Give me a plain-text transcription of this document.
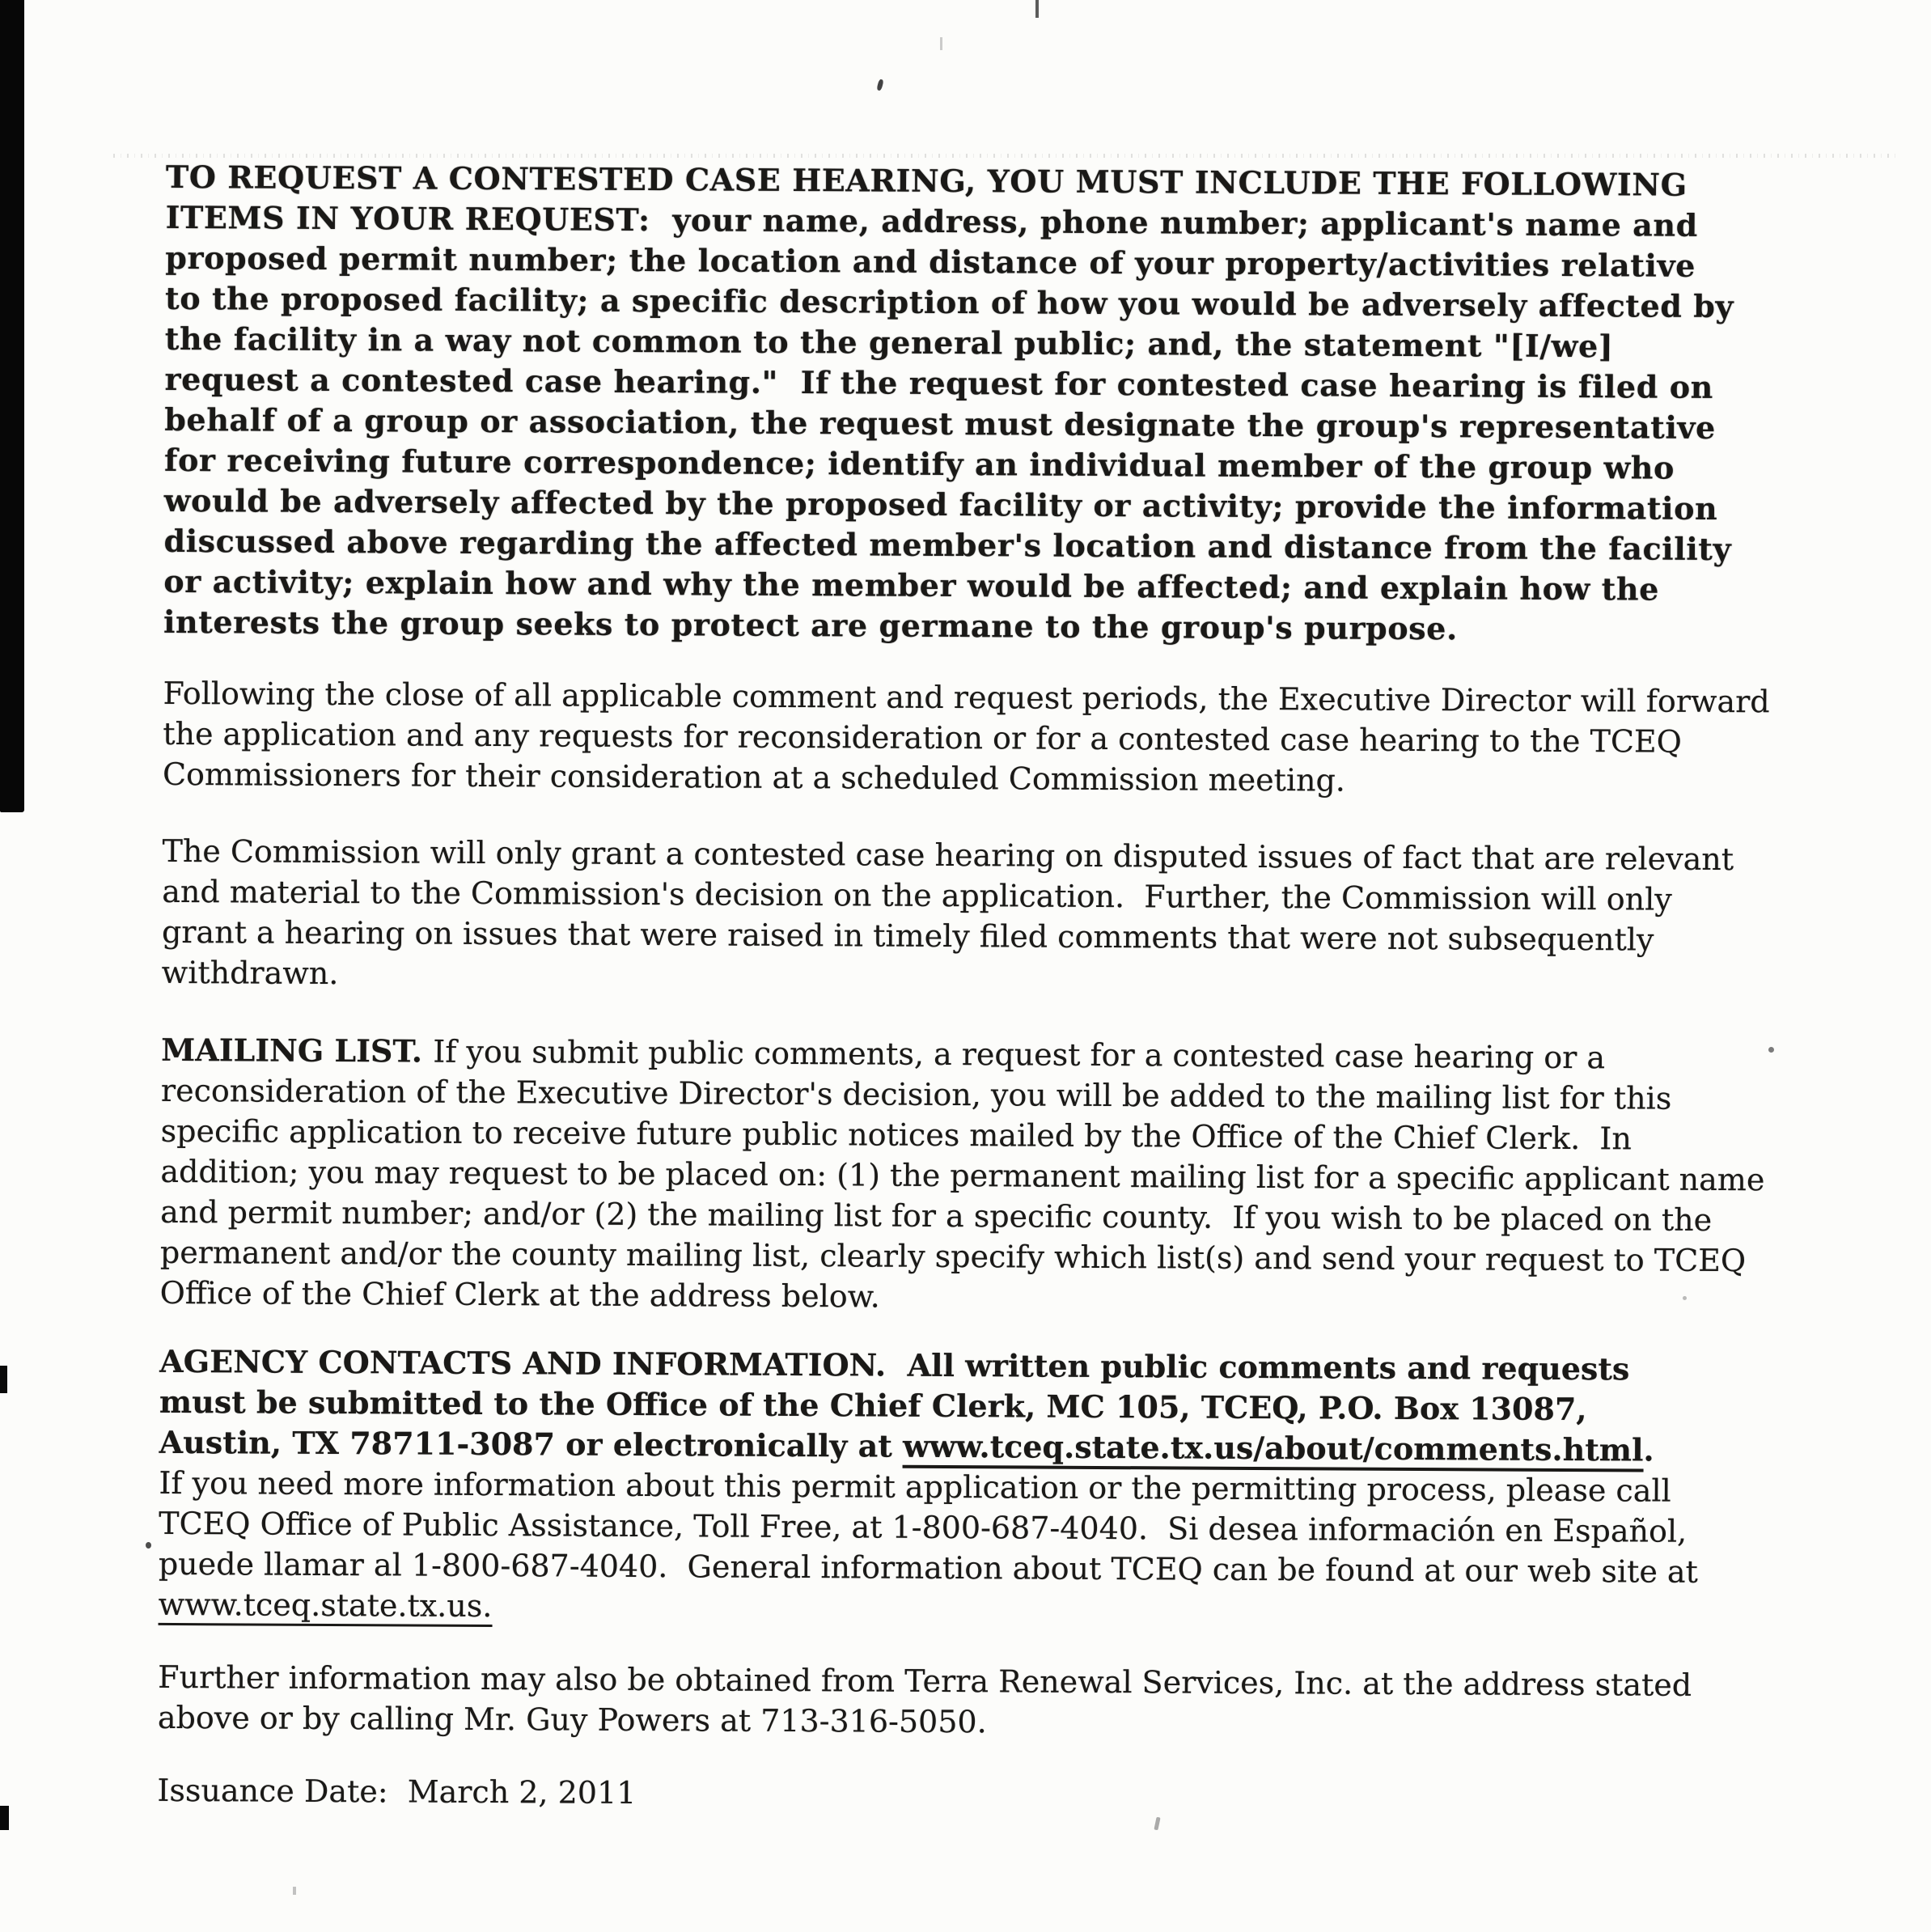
TO REQUEST A CONTESTED CASE HEARING, YOU MUST INCLUDE THE FOLLOWING
ITEMS IN YOUR REQUEST:  your name, address, phone number; applicant's name and
proposed permit number; the location and distance of your property/activities relative
to the proposed facility; a specific description of how you would be adversely affected by
the facility in a way not common to the general public; and, the statement "[I/we]
request a contested case hearing."  If the request for contested case hearing is filed on
behalf of a group or association, the request must designate the group's representative
for receiving future correspondence; identify an individual member of the group who
would be adversely affected by the proposed facility or activity; provide the information
discussed above regarding the affected member's location and distance from the facility
or activity; explain how and why the member would be affected; and explain how the
interests the group seeks to protect are germane to the group's purpose.
Following the close of all applicable comment and request periods, the Executive Director will forward
the application and any requests for reconsideration or for a contested case hearing to the TCEQ
Commissioners for their consideration at a scheduled Commission meeting.
The Commission will only grant a contested case hearing on disputed issues of fact that are relevant
and material to the Commission's decision on the application.  Further, the Commission will only
grant a hearing on issues that were raised in timely filed comments that were not subsequently
withdrawn.
MAILING LIST. If you submit public comments, a request for a contested case hearing or a
reconsideration of the Executive Director's decision, you will be added to the mailing list for this
specific application to receive future public notices mailed by the Office of the Chief Clerk.  In
addition; you may request to be placed on: (1) the permanent mailing list for a specific applicant name
and permit number; and/or (2) the mailing list for a specific county.  If you wish to be placed on the
permanent and/or the county mailing list, clearly specify which list(s) and send your request to TCEQ
Office of the Chief Clerk at the address below.
AGENCY CONTACTS AND INFORMATION.  All written public comments and requests
must be submitted to the Office of the Chief Clerk, MC 105, TCEQ, P.O. Box 13087,
Austin, TX 78711-3087 or electronically at www.tceq.state.tx.us/about/comments.html.
If you need more information about this permit application or the permitting process, please call
TCEQ Office of Public Assistance, Toll Free, at 1-800-687-4040.  Si desea información en Español,
puede llamar al 1-800-687-4040.  General information about TCEQ can be found at our web site at
www.tceq.state.tx.us.
Further information may also be obtained from Terra Renewal Services, Inc. at the address stated
above or by calling Mr. Guy Powers at 713-316-5050.
Issuance Date:  March 2, 2011
